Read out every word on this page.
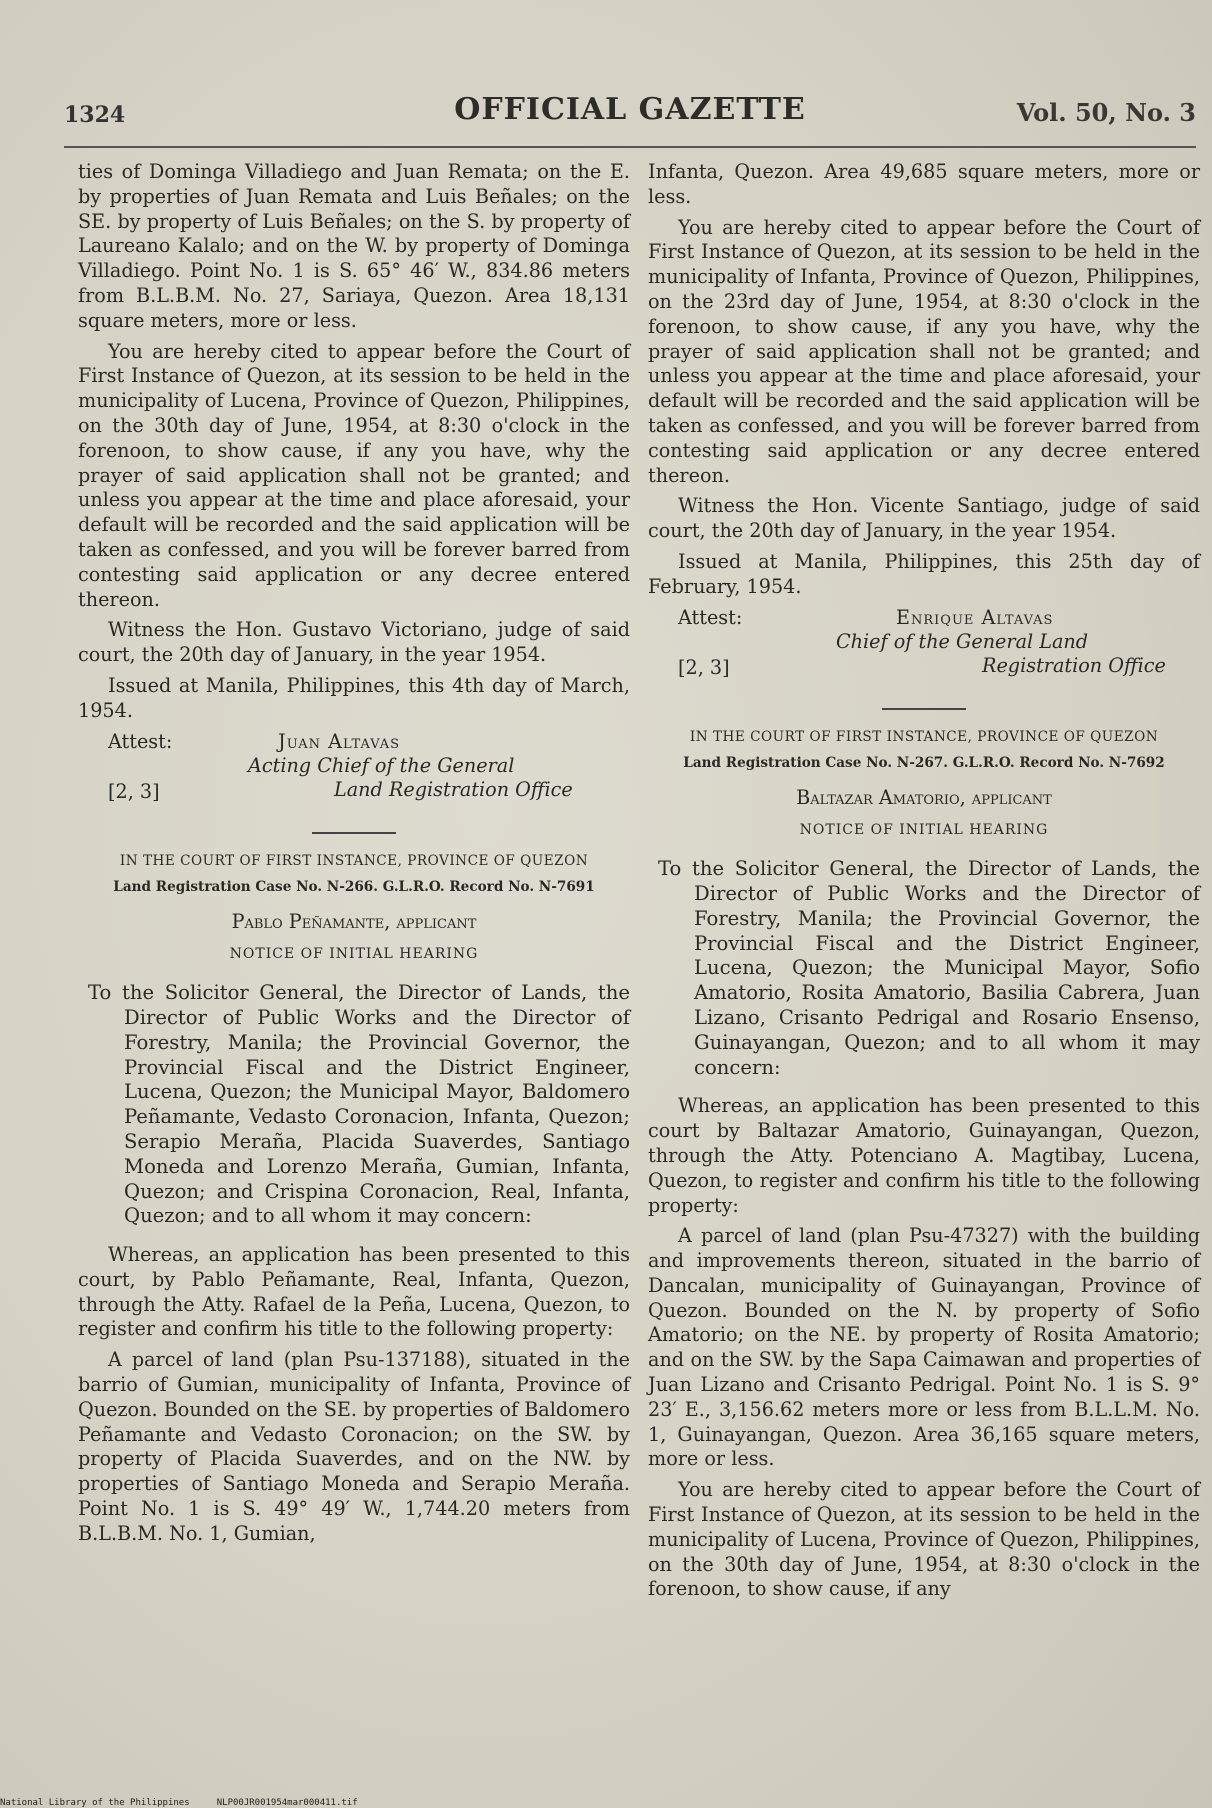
1324	OFFICIAL GAZETTE	Vol. 50, No. 3

ties of Dominga Villadiego and Juan Remata; on the E. by properties of Juan Remata and Luis Beñales; on the SE. by property of Luis Beñales; on the S. by property of Laureano Kalalo; and on the W. by property of Dominga Villadiego. Point No. 1 is S. 65° 46′ W., 834.86 meters from B.L.B.M. No. 27, Sariaya, Quezon. Area 18,131 square meters, more or less.

You are hereby cited to appear before the Court of First Instance of Quezon, at its session to be held in the municipality of Lucena, Province of Quezon, Philippines, on the 30th day of June, 1954, at 8:30 o'clock in the forenoon, to show cause, if any you have, why the prayer of said application shall not be granted; and unless you appear at the time and place aforesaid, your default will be recorded and the said application will be taken as confessed, and you will be forever barred from contesting said application or any decree entered thereon.

Witness the Hon. Gustavo Victoriano, judge of said court, the 20th day of January, in the year 1954.

Issued at Manila, Philippines, this 4th day of March, 1954.

Attest:	Juan Altavas
Acting Chief of the General
[2, 3]	Land Registration Office
IN THE COURT OF FIRST INSTANCE, PROVINCE OF QUEZON
Land Registration Case No. N-266. G.L.R.O. Record No. N-7691
Pablo Peñamante, applicant
NOTICE OF INITIAL HEARING

To the Solicitor General, the Director of Lands, the Director of Public Works and the Director of Forestry, Manila; the Provincial Governor, the Provincial Fiscal and the District Engineer, Lucena, Quezon; the Municipal Mayor, Baldomero Peñamante, Vedasto Coronacion, Infanta, Quezon; Serapio Meraña, Placida Suaverdes, Santiago Moneda and Lorenzo Meraña, Gumian, Infanta, Quezon; and Crispina Coronacion, Real, Infanta, Quezon; and to all whom it may concern:

Whereas, an application has been presented to this court, by Pablo Peñamante, Real, Infanta, Quezon, through the Atty. Rafael de la Peña, Lucena, Quezon, to register and confirm his title to the following property:

A parcel of land (plan Psu-137188), situated in the barrio of Gumian, municipality of Infanta, Province of Quezon. Bounded on the SE. by properties of Baldomero Peñamante and Vedasto Coronacion; on the SW. by property of Placida Suaverdes, and on the NW. by properties of Santiago Moneda and Serapio Meraña. Point No. 1 is S. 49° 49′ W., 1,744.20 meters from B.L.B.M. No. 1, Gumian,

Infanta, Quezon. Area 49,685 square meters, more or less.

You are hereby cited to appear before the Court of First Instance of Quezon, at its session to be held in the municipality of Infanta, Province of Quezon, Philippines, on the 23rd day of June, 1954, at 8:30 o'clock in the forenoon, to show cause, if any you have, why the prayer of said application shall not be granted; and unless you appear at the time and place aforesaid, your default will be recorded and the said application will be taken as confessed, and you will be forever barred from contesting said application or any decree entered thereon.

Witness the Hon. Vicente Santiago, judge of said court, the 20th day of January, in the year 1954.

Issued at Manila, Philippines, this 25th day of February, 1954.

Attest:	Enrique Altavas
Chief of the General Land
[2, 3]	Registration Office
IN THE COURT OF FIRST INSTANCE, PROVINCE OF QUEZON
Land Registration Case No. N-267. G.L.R.O. Record No. N-7692
Baltazar Amatorio, applicant
NOTICE OF INITIAL HEARING

To the Solicitor General, the Director of Lands, the Director of Public Works and the Director of Forestry, Manila; the Provincial Governor, the Provincial Fiscal and the District Engineer, Lucena, Quezon; the Municipal Mayor, Sofio Amatorio, Rosita Amatorio, Basilia Cabrera, Juan Lizano, Crisanto Pedrigal and Rosario Ensenso, Guinayangan, Quezon; and to all whom it may concern:

Whereas, an application has been presented to this court by Baltazar Amatorio, Guinayangan, Quezon, through the Atty. Potenciano A. Magtibay, Lucena, Quezon, to register and confirm his title to the following property:

A parcel of land (plan Psu-47327) with the building and improvements thereon, situated in the barrio of Dancalan, municipality of Guinayangan, Province of Quezon. Bounded on the N. by property of Sofio Amatorio; on the NE. by property of Rosita Amatorio; and on the SW. by the Sapa Caimawan and properties of Juan Lizano and Crisanto Pedrigal. Point No. 1 is S. 9° 23′ E., 3,156.62 meters more or less from B.L.L.M. No. 1, Guinayangan, Quezon. Area 36,165 square meters, more or less.

You are hereby cited to appear before the Court of First Instance of Quezon, at its session to be held in the municipality of Lucena, Province of Quezon, Philippines, on the 30th day of June, 1954, at 8:30 o'clock in the forenoon, to show cause, if any

National Library of the Philippines     NLP00JR001954mar000411.tif
